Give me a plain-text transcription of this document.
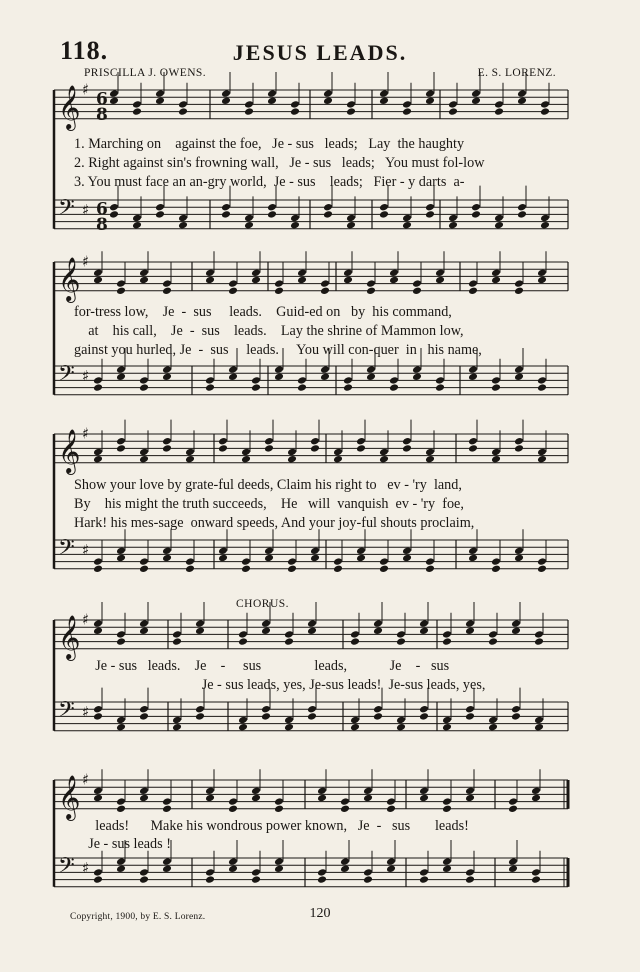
118.	JESUS LEADS.
PRISCILLA J. OWENS.	E. S. LORENZ.
𝄞 ♯
6
8
𝄢 ♯ 6
8
𝄞 ♯
𝄢 ♯
𝄞 ♯
𝄢 ♯
𝄞 ♯
𝄢 ♯
𝄞 ♯
𝄢 ♯
1. Marching on    against the foe,   Je - sus   leads;   Lay  the haughty
2. Right against sin's frowning wall,   Je - sus   leads;   You must fol-low
3. You must face an an-gry world,  Je - sus    leads;   Fier - y darts  a-
for-tress low,    Je  -  sus     leads.    Guid-ed on   by  his command,
at    his call,    Je  -  sus    leads.    Lay the shrine of Mammon low,
gainst you hurled, Je  -  sus     leads.     You will con-quer  in   his name,
Show your love by grate-ful deeds, Claim his right to   ev - 'ry  land,
By    his might the truth succeeds,    He   will  vanquish  ev - 'ry  foe,
Hark! his mes-sage  onward speeds, And your joy-ful shouts proclaim,
CHORUS.
Je - sus   leads.    Je    -     sus               leads,            Je    -   sus
Je - sus leads, yes, Je-sus leads!  Je-sus leads, yes,
leads!      Make his wondrous power known,   Je  -   sus       leads!
Je - sus leads !
Copyright, 1900, by E. S. Lorenz.	120
